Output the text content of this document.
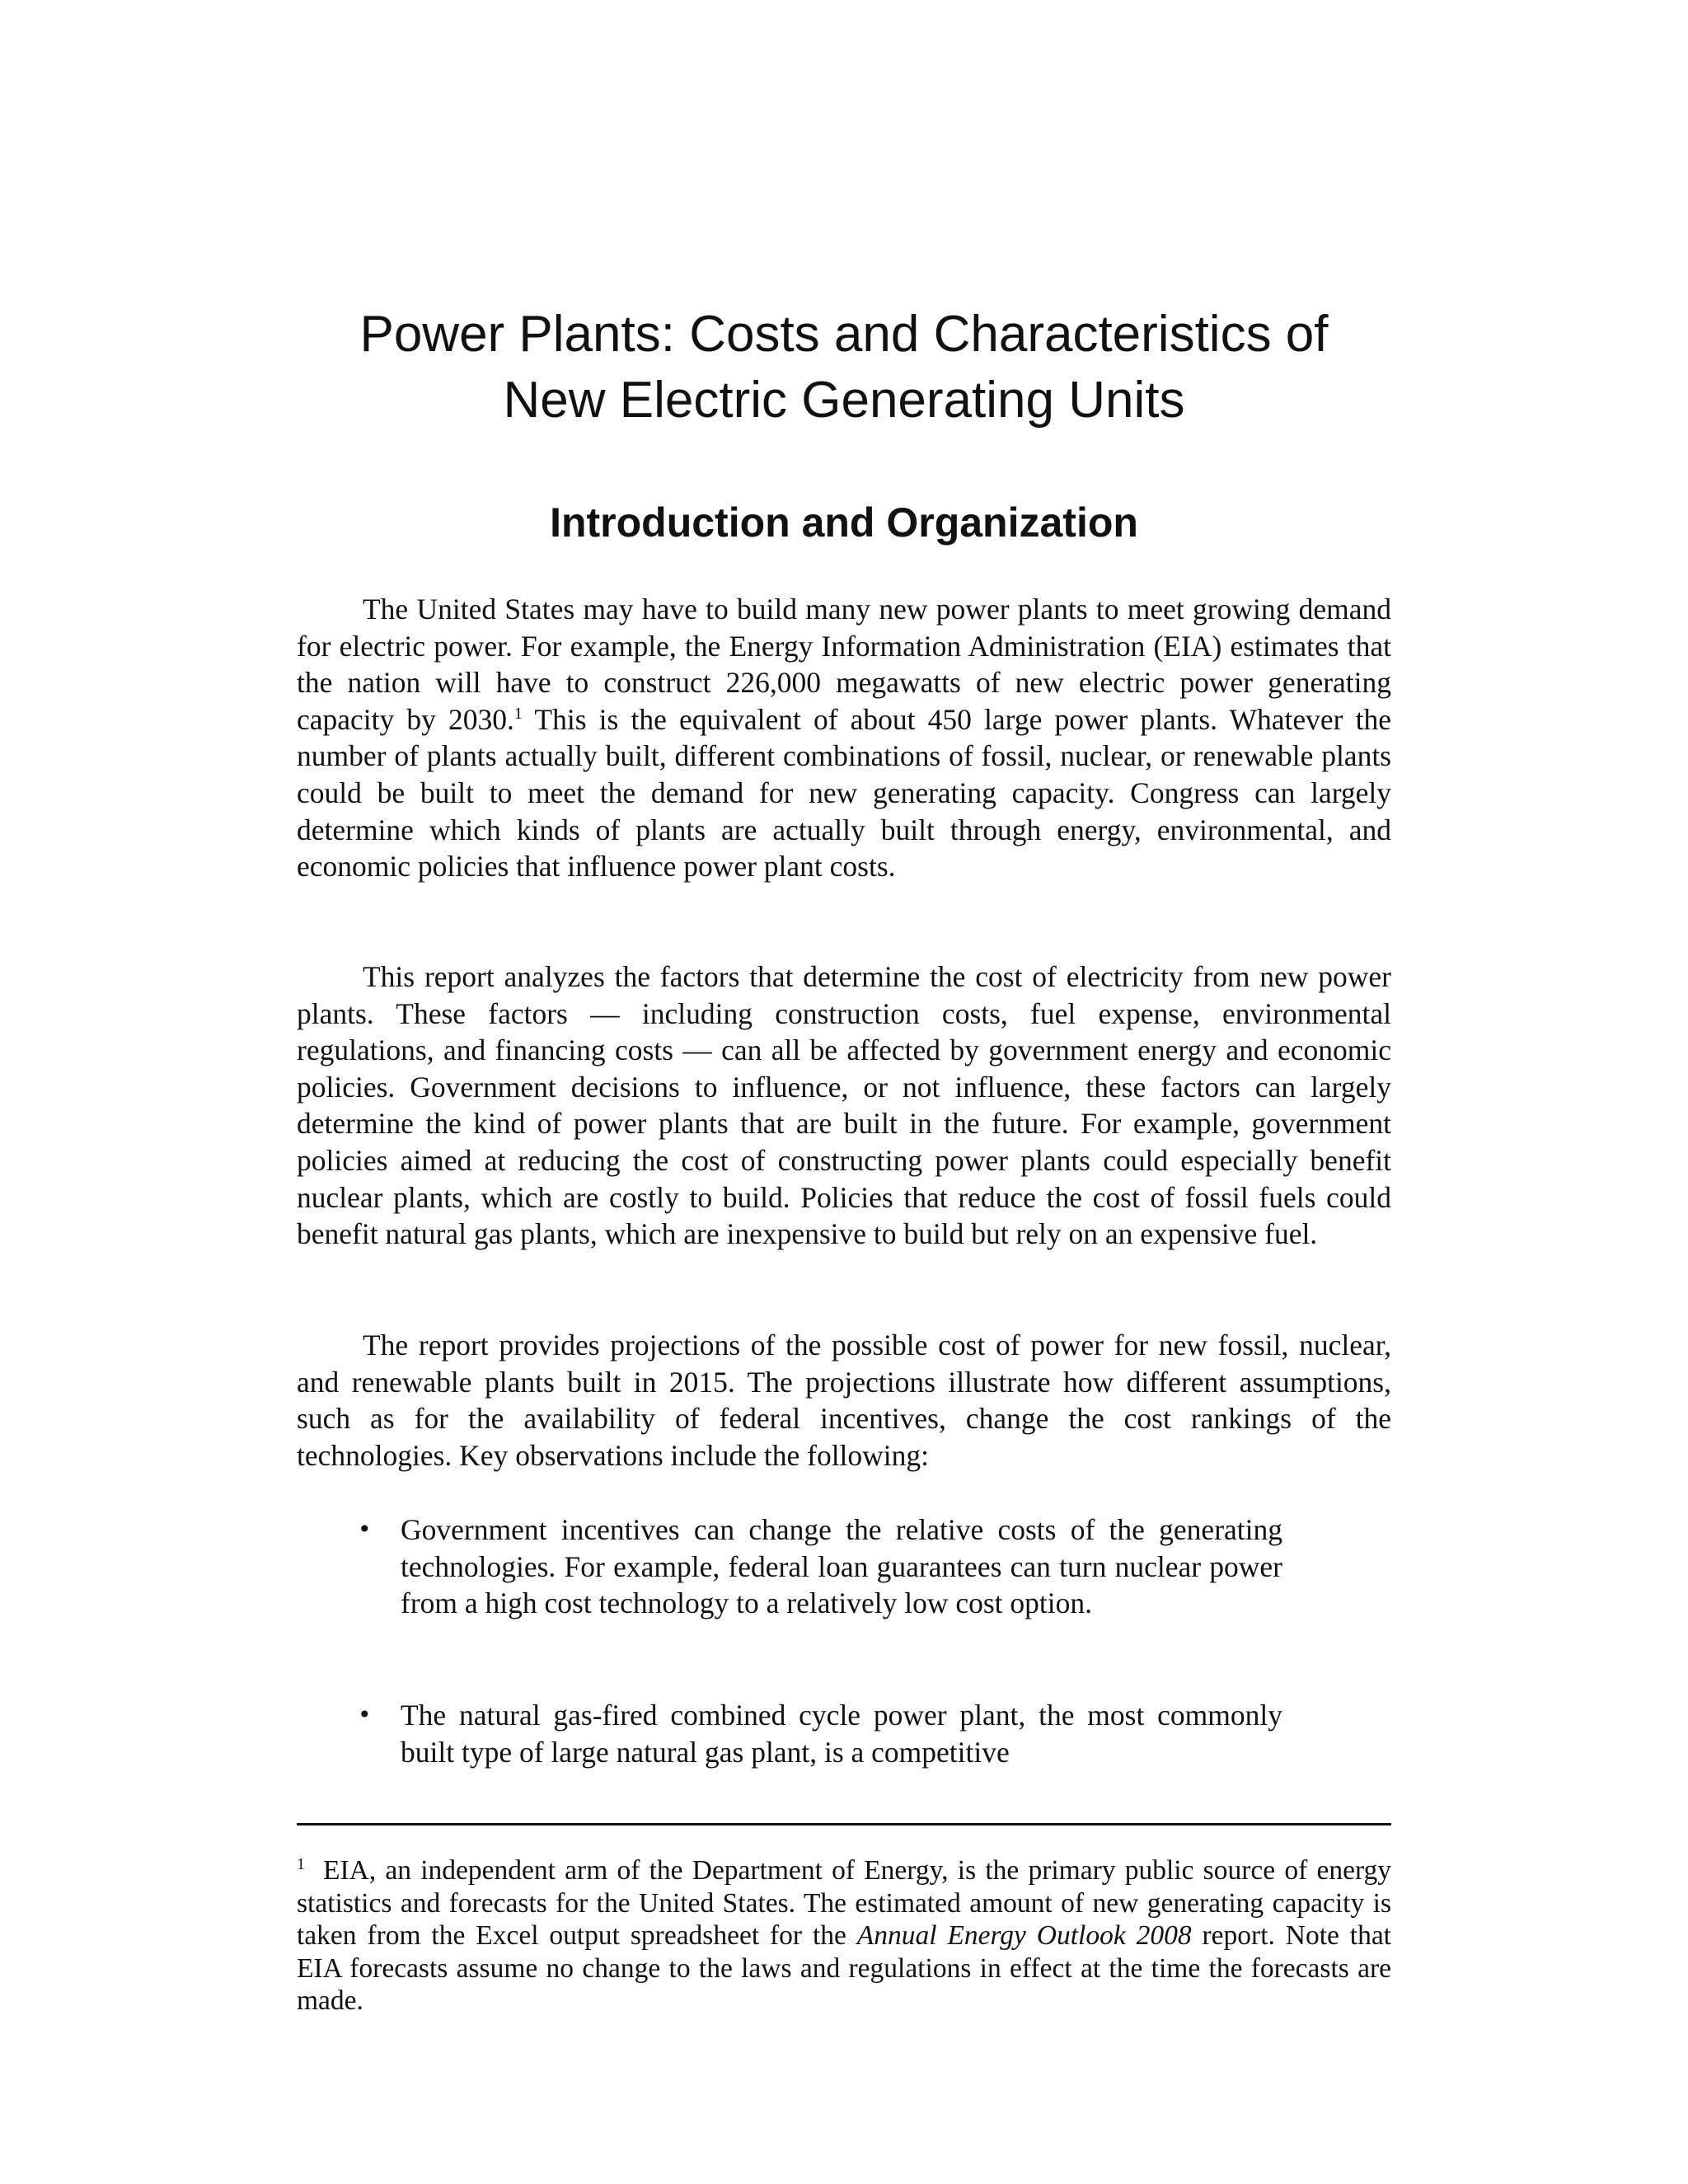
Power Plants: Costs and Characteristics of
New Electric Generating Units
Introduction and Organization

The United States may have to build many new power plants to meet growing demand for electric power. For example, the Energy Information Administration (EIA) estimates that the nation will have to construct 226,000 megawatts of new electric power generating capacity by 2030.$^1$ This is the equivalent of about 450 large power plants. Whatever the number of plants actually built, different combinations of fossil, nuclear, or renewable plants could be built to meet the demand for new generating capacity. Congress can largely determine which kinds of plants are actually built through energy, environmental, and economic policies that influence power plant costs.

This report analyzes the factors that determine the cost of electricity from new power plants. These factors — including construction costs, fuel expense, environmental regulations, and financing costs — can all be affected by government energy and economic policies. Government decisions to influence, or not influence, these factors can largely determine the kind of power plants that are built in the future. For example, government policies aimed at reducing the cost of constructing power plants could especially benefit nuclear plants, which are costly to build. Policies that reduce the cost of fossil fuels could benefit natural gas plants, which are inexpensive to build but rely on an expensive fuel.

The report provides projections of the possible cost of power for new fossil, nuclear, and renewable plants built in 2015. The projections illustrate how different assumptions, such as for the availability of federal incentives, change the cost rankings of the technologies. Key observations include the following:

• Government incentives can change the relative costs of the generating technologies. For example, federal loan guarantees can turn nuclear power from a high cost technology to a relatively low cost option.
• The natural gas-fired combined cycle power plant, the most commonly built type of large natural gas plant, is a competitive

$^1$ EIA, an independent arm of the Department of Energy, is the primary public source of energy statistics and forecasts for the United States. The estimated amount of new generating capacity is taken from the Excel output spreadsheet for the Annual Energy Outlook 2008 report. Note that EIA forecasts assume no change to the laws and regulations in effect at the time the forecasts are made.
